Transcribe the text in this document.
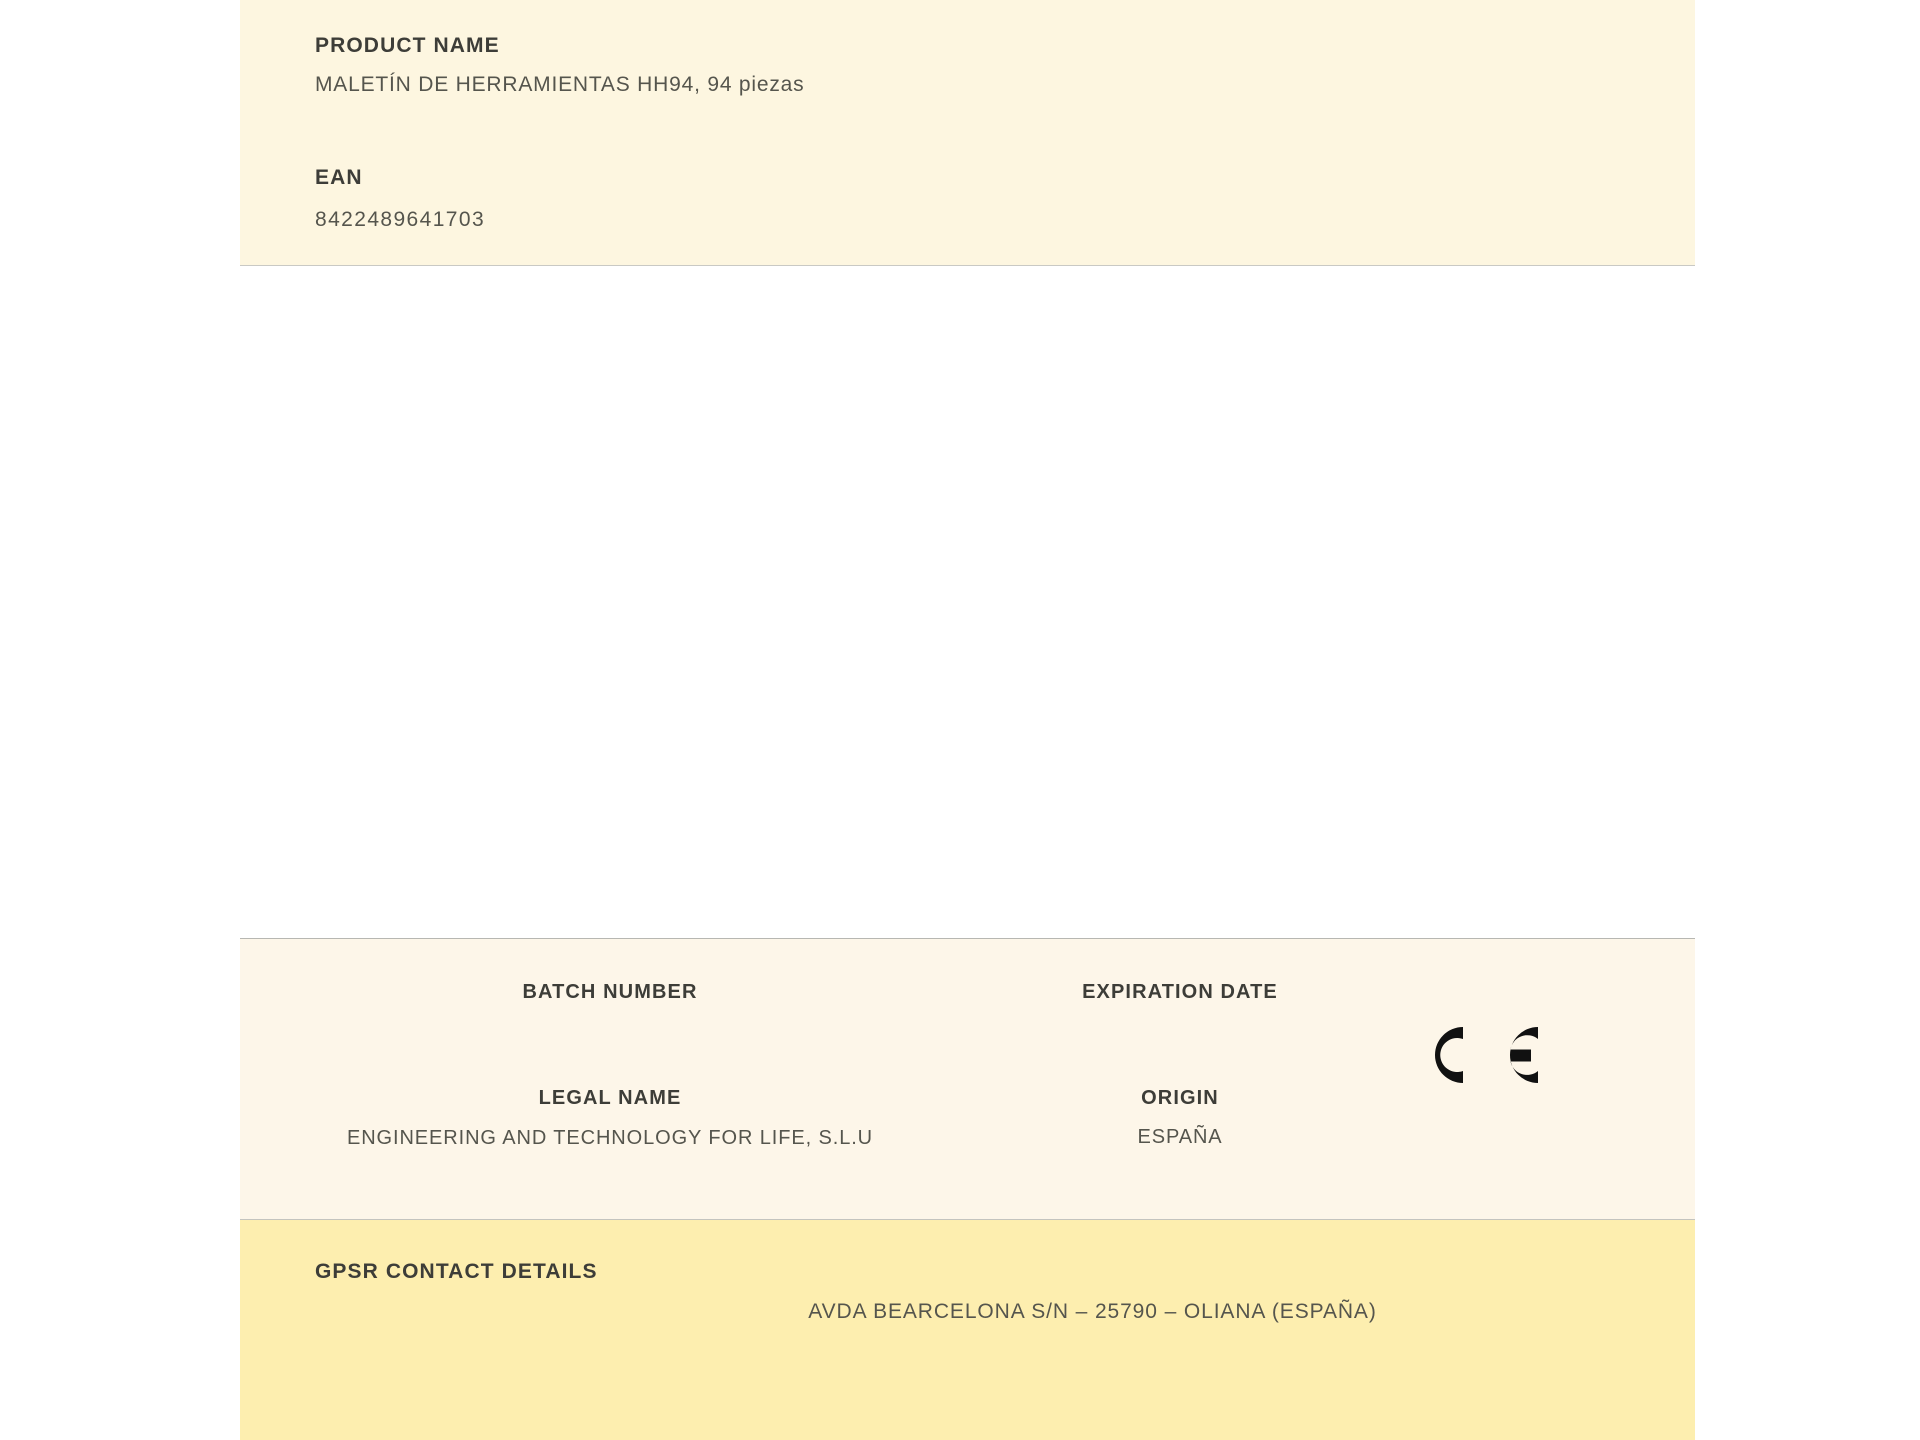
PRODUCT NAME
MALETÍN DE HERRAMIENTAS HH94, 94 piezas
EAN
8422489641703
BATCH NUMBER	EXPIRATION DATE
LEGAL NAME
ENGINEERING AND TECHNOLOGY FOR LIFE, S.L.U
ORIGIN
ESPAÑA
GPSR CONTACT DETAILS
AVDA BEARCELONA S/N – 25790 – OLIANA (ESPAÑA)
